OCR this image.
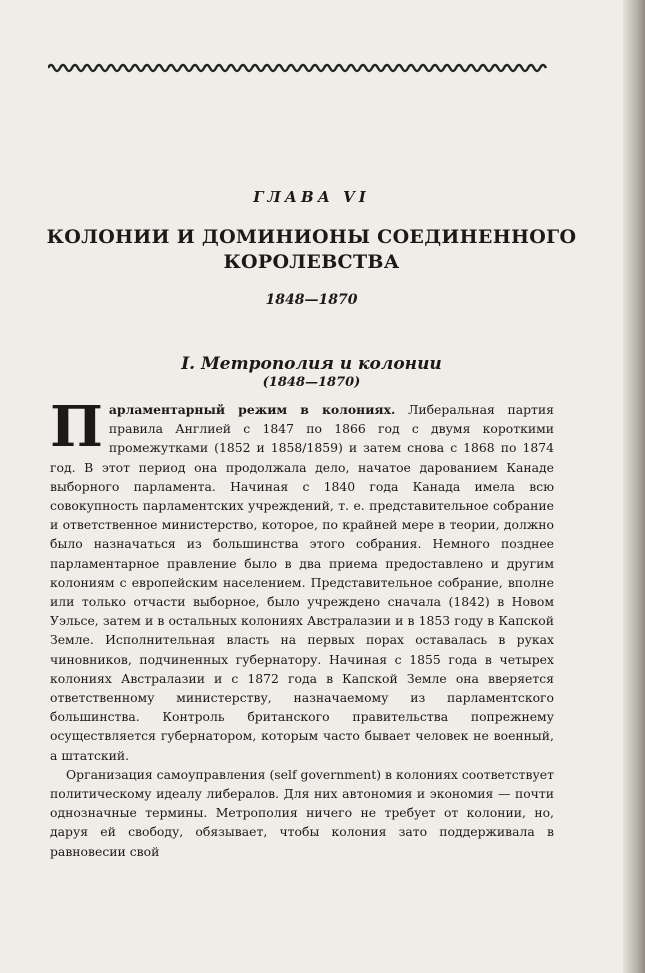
ГЛАВА VI
КОЛОНИИ И ДОМИНИОНЫ СОЕДИНЕННОГО КОРОЛЕВСТВА
1848—1870
I. Метрополия и колонии
(1848—1870)

Парламентарный режим в колониях. Либеральная партия правила Англией с 1847 по 1866 год с двумя короткими промежутками (1852 и 1858/1859) и затем снова с 1868 по 1874 год. В этот период она продолжала дело, начатое дарованием Канаде выборного парламента. Начиная с 1840 года Канада имела всю совокупность парламентских учреждений, т. е. представительное собрание и ответственное министерство, которое, по крайней мере в теории, должно было назначаться из большинства этого собрания. Немного позднее парламентарное правление было в два приема предоставлено и другим колониям с европейским населением. Представительное собрание, вполне или только отчасти выборное, было учреждено сначала (1842) в Новом Уэльсе, затем и в остальных колониях Австралазии и в 1853 году в Капской Земле. Исполнительная власть на первых порах оставалась в руках чиновников, подчиненных губернатору. Начиная с 1855 года в четырех колониях Австралазии и с 1872 года в Капской Земле она вверяется ответственному министерству, назначаемому из парламентского большинства. Контроль британского правительства попрежнему осуществляется губернатором, которым часто бывает человек не военный, а штатский.

Организация самоуправления (self government) в колониях соответствует политическому идеалу либералов. Для них автономия и экономия — почти однозначные термины. Метрополия ничего не требует от колонии, но, даруя ей свободу, обязывает, чтобы колония зато поддерживала в равновесии свой
